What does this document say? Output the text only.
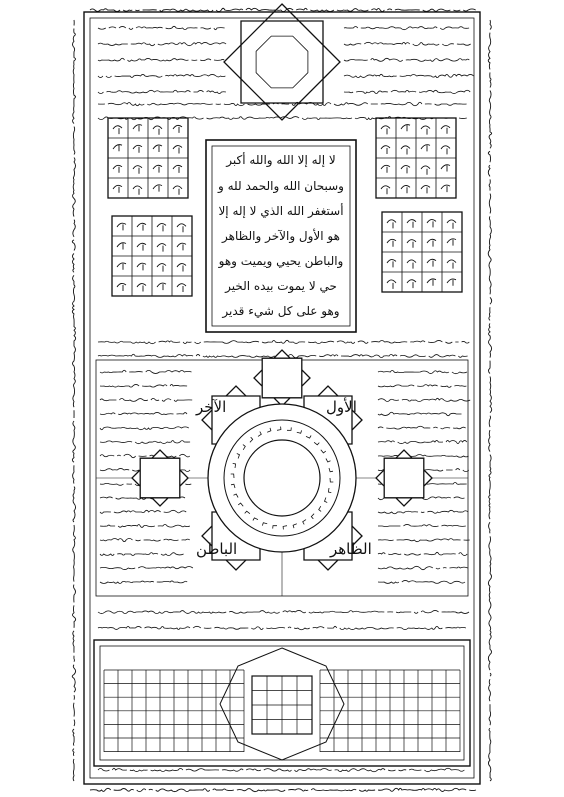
لا إله إلا الله والله أكبر
وسبحان الله والحمد لله و
أستغفر الله الذي لا إله إلا
هو الأول والآخر والظاهر
والباطن يحيي ويميت وهو
حي لا يموت بيده الخير
وهو على كل شيء قدير
الآخر	الأول
الظاهر
الباطن
